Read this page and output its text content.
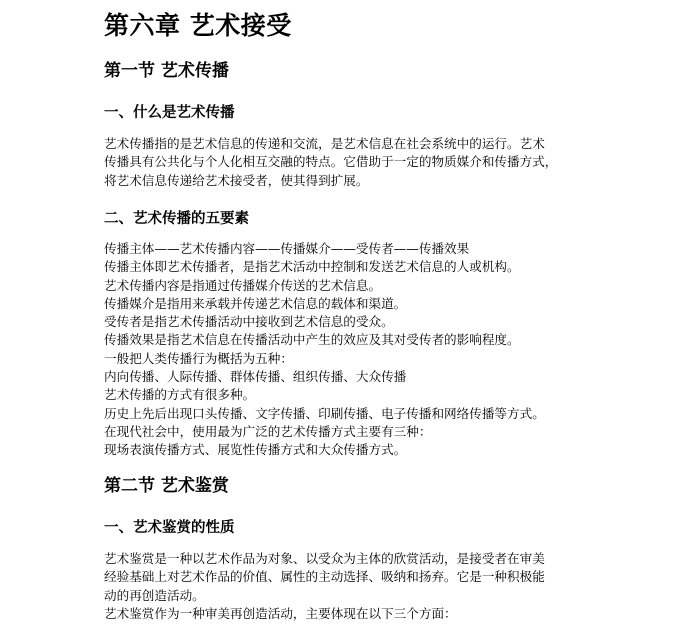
第六章 艺术接受
第一节 艺术传播
一、什么是艺术传播
艺术传播指的是艺术信息的传递和交流，是艺术信息在社会系统中的运行。艺术
传播具有公共化与个人化相互交融的特点。它借助于一定的物质媒介和传播方式，
将艺术信息传递给艺术接受者，使其得到扩展。
二、艺术传播的五要素
传播主体——艺术传播内容——传播媒介——受传者——传播效果
传播主体即艺术传播者，是指艺术活动中控制和发送艺术信息的人或机构。
艺术传播内容是指通过传播媒介传送的艺术信息。
传播媒介是指用来承载并传递艺术信息的载体和渠道。
受传者是指艺术传播活动中接收到艺术信息的受众。
传播效果是指艺术信息在传播活动中产生的效应及其对受传者的影响程度。
一般把人类传播行为概括为五种：
内向传播、人际传播、群体传播、组织传播、大众传播
艺术传播的方式有很多种。
历史上先后出现口头传播、文字传播、印刷传播、电子传播和网络传播等方式。
在现代社会中，使用最为广泛的艺术传播方式主要有三种：
现场表演传播方式、展览性传播方式和大众传播方式。
第二节 艺术鉴赏
一、艺术鉴赏的性质
艺术鉴赏是一种以艺术作品为对象、以受众为主体的欣赏活动，是接受者在审美
经验基础上对艺术作品的价值、属性的主动选择、吸纳和扬弃。它是一种积极能
动的再创造活动。
艺术鉴赏作为一种审美再创造活动，主要体现在以下三个方面：
